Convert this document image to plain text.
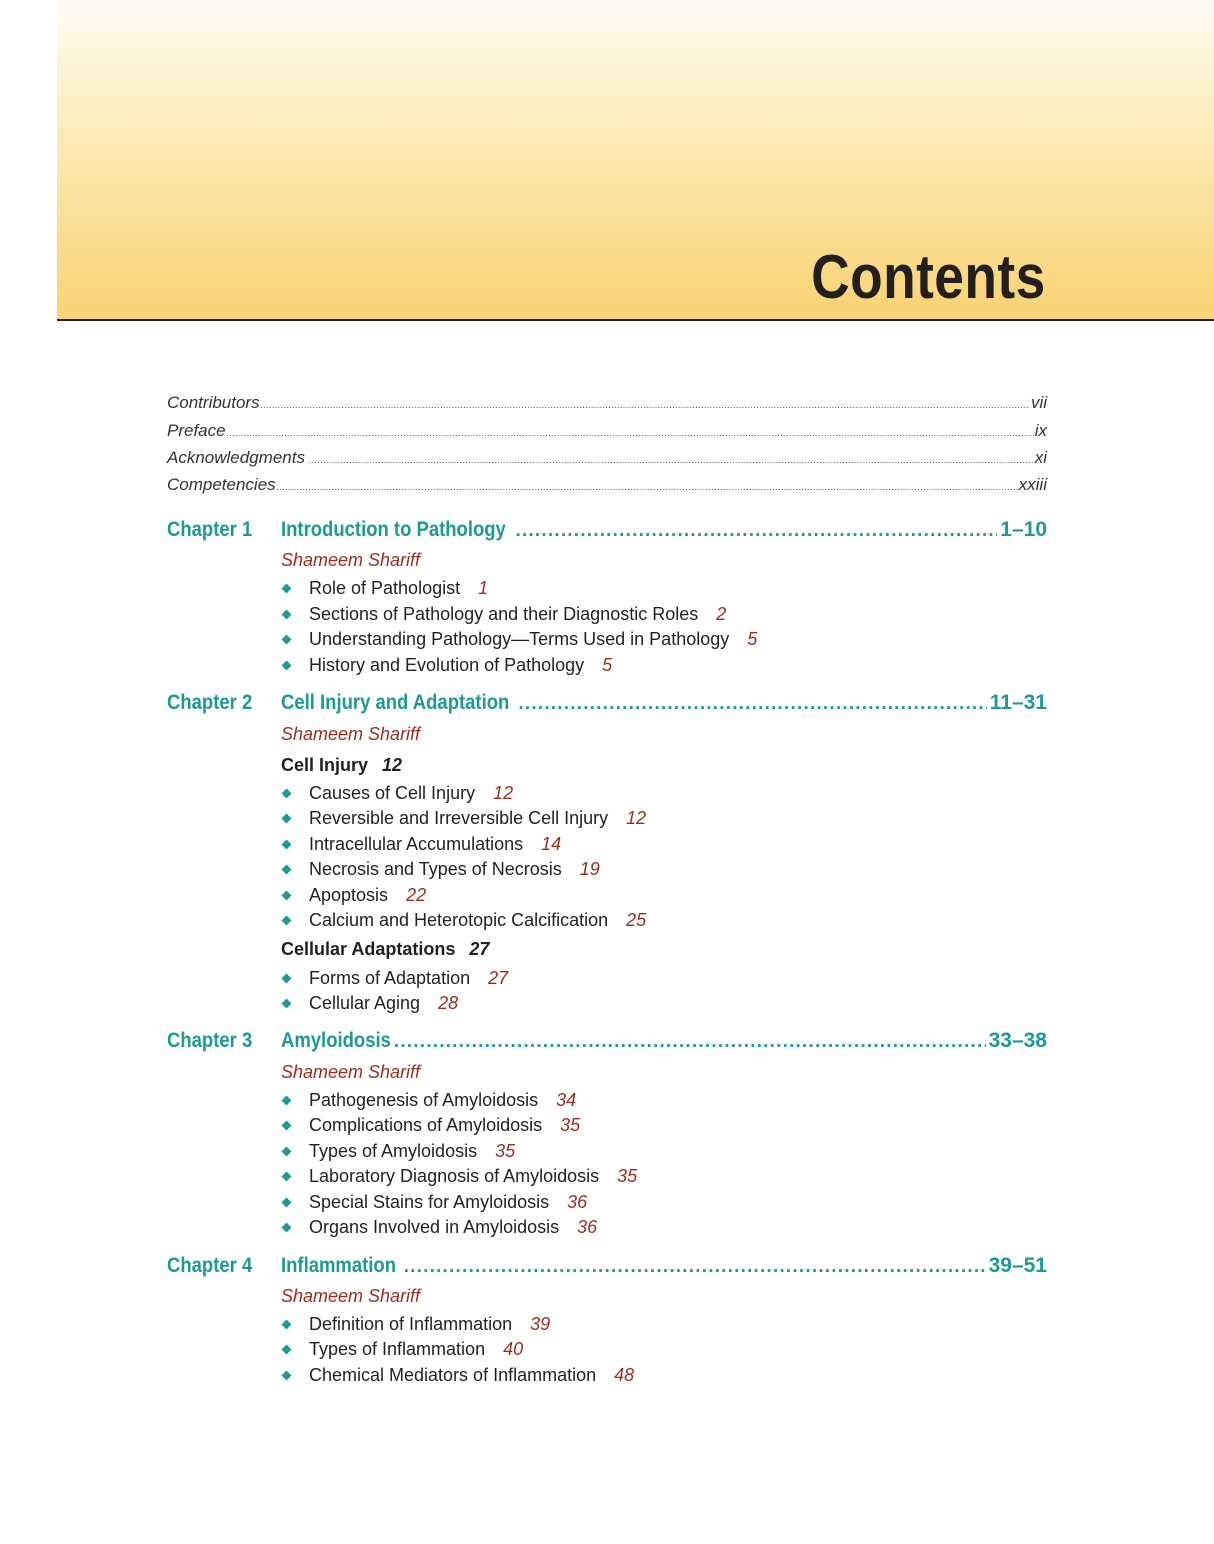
Contents
Contributors .....	vii
Preface .....	ix
Acknowledgments .....	xi
Competencies .....	xxiii
Chapter 1 Introduction to Pathology .....	1–10
Shameem Shariff
Role of Pathologist 1
Sections of Pathology and their Diagnostic Roles 2
Understanding Pathology—Terms Used in Pathology 5
History and Evolution of Pathology 5
Chapter 2 Cell Injury and Adaptation .....	11–31
Shameem Shariff
Cell Injury 12
Causes of Cell Injury 12
Reversible and Irreversible Cell Injury 12
Intracellular Accumulations 14
Necrosis and Types of Necrosis 19
Apoptosis 22
Calcium and Heterotopic Calcification 25
Cellular Adaptations 27
Forms of Adaptation 27
Cellular Aging 28
Chapter 3 Amyloidosis .....	33–38
Shameem Shariff
Pathogenesis of Amyloidosis 34
Complications of Amyloidosis 35
Types of Amyloidosis 35
Laboratory Diagnosis of Amyloidosis 35
Special Stains for Amyloidosis 36
Organs Involved in Amyloidosis 36
Chapter 4 Inflammation .....	39–51
Shameem Shariff
Definition of Inflammation 39
Types of Inflammation 40
Chemical Mediators of Inflammation 48
